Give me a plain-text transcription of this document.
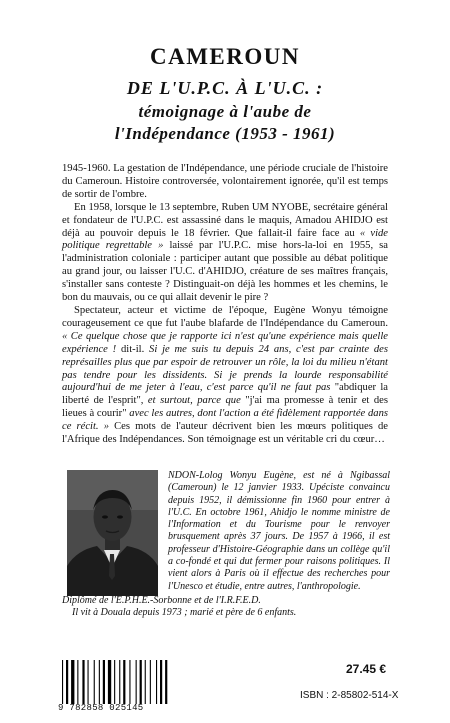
CAMEROUN
DE L'U.P.C. À L'U.C. :
témoignage à l'aube de
l'Indépendance (1953 - 1961)

1945-1960. La gestation de l'Indépendance, une période cruciale de l'histoire du Cameroun. Histoire controversée, volontairement ignorée, qu'il est temps de sortir de l'ombre.

En 1958, lorsque le 13 septembre, Ruben UM NYOBE, secrétaire général et fondateur de l'U.P.C. est assassiné dans le maquis, Amadou AHIDJO est déjà au pouvoir depuis le 18 février. Que fallait-il faire face au « vide politique regrettable » laissé par l'U.P.C. mise hors-la-loi en 1955, sa l'administration coloniale : participer autant que possible au débat politique au grand jour, ou laisser l'U.C. d'AHIDJO, créature de ses maîtres français, s'installer sans conteste ? Distinguait-on déjà les hommes et les chemins, le bon du mauvais, ou ce qui allait devenir le pire ?

Spectateur, acteur et victime de l'époque, Eugène Wonyu témoigne courageusement ce que fut l'aube blafarde de l'Indépendance du Cameroun. « Ce quelque chose que je rapporte ici n'est qu'une expérience mais quelle expérience ! dit-il. Si je me suis tu depuis 24 ans, c'est par crainte des représailles plus que par espoir de retrouver un rôle, la loi du milieu n'étant pas tendre pour les dissidents. Si je prends la lourde responsabilité aujourd'hui de me jeter à l'eau, c'est parce qu'il ne faut pas "abdiquer la liberté de l'esprit", et surtout, parce que "j'ai ma promesse à tenir et des lieues à courir" avec les autres, dont l'action a été fidèlement rapportée dans ce récit. » Ces mots de l'auteur décrivent bien les mœurs politiques de l'Afrique des Indépendances. Son témoignage est un véritable cri du cœur…

NDON-Lolog Wonyu Eugène, est né à Ngibassal (Cameroun) le 12 janvier 1933. Upéciste convaincu depuis 1952, il démissionne fin 1960 pour entrer à l'U.C. En octobre 1961, Ahidjo le nomme ministre de l'Information et du Tourisme pour le renvoyer brusquement après 37 jours. De 1957 à 1966, il est professeur d'Histoire-Géographie dans un collège qu'il a co-fondé et qui dut fermer pour raisons politiques. Il vient alors à Paris où il effectue des recherches pour l'Unesco et étudie, entre autres, l'anthropologie.

Diplômé de l'E.P.H.E.-Sorbonne et de l'I.R.F.E.D.
Il vit à Douala depuis 1973 ; marié et père de 6 enfants.
9 782858 025145
27.45 €
ISBN : 2-85802-514-X
